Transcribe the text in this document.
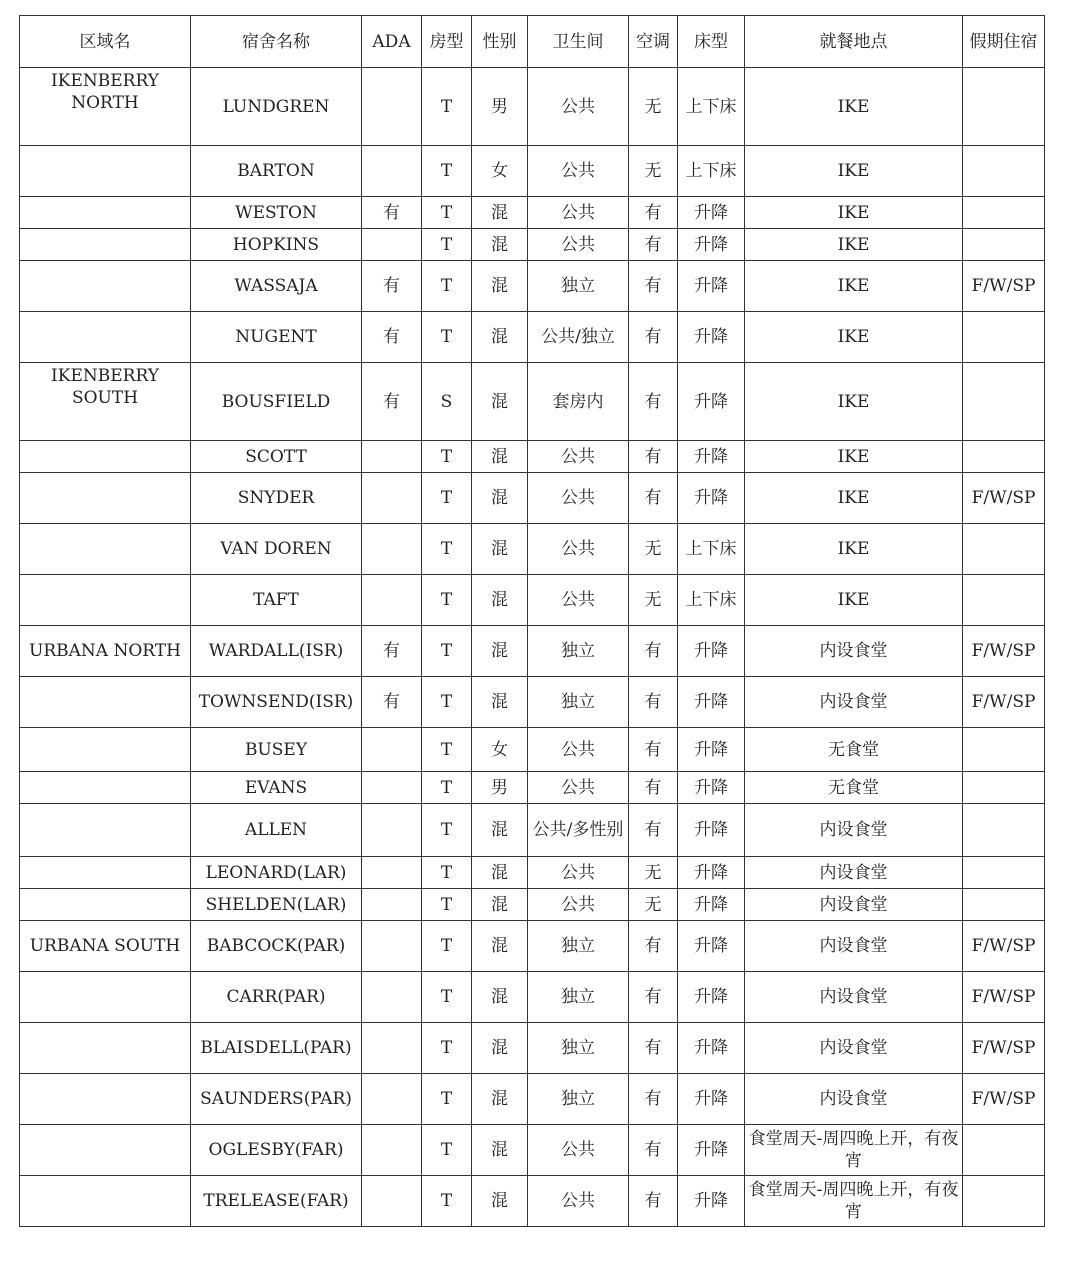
区域名	宿舍名称	ADA	房型	性别	卫生间	空调	床型	就餐地点	假期住宿
IKENBERRY NORTH	LUNDGREN		T	男	公共	无	上下床	IKE	
	BARTON		T	女	公共	无	上下床	IKE	
	WESTON	有	T	混	公共	有	升降	IKE	
	HOPKINS		T	混	公共	有	升降	IKE	
	WASSAJA	有	T	混	独立	有	升降	IKE	F/W/SP
	NUGENT	有	T	混	公共/独立	有	升降	IKE	
IKENBERRY SOUTH	BOUSFIELD	有	S	混	套房内	有	升降	IKE	
	SCOTT		T	混	公共	有	升降	IKE	
	SNYDER		T	混	公共	有	升降	IKE	F/W/SP
	VAN DOREN		T	混	公共	无	上下床	IKE	
	TAFT		T	混	公共	无	上下床	IKE	
URBANA NORTH	WARDALL(ISR)	有	T	混	独立	有	升降	内设食堂	F/W/SP
	TOWNSEND(ISR)	有	T	混	独立	有	升降	内设食堂	F/W/SP
	BUSEY		T	女	公共	有	升降	无食堂	
	EVANS		T	男	公共	有	升降	无食堂	
	ALLEN		T	混	公共/多性别	有	升降	内设食堂	
	LEONARD(LAR)		T	混	公共	无	升降	内设食堂	
	SHELDEN(LAR)		T	混	公共	无	升降	内设食堂	
URBANA SOUTH	BABCOCK(PAR)		T	混	独立	有	升降	内设食堂	F/W/SP
	CARR(PAR)		T	混	独立	有	升降	内设食堂	F/W/SP
	BLAISDELL(PAR)		T	混	独立	有	升降	内设食堂	F/W/SP
	SAUNDERS(PAR)		T	混	独立	有	升降	内设食堂	F/W/SP
	OGLESBY(FAR)		T	混	公共	有	升降	食堂周天-周四晚上开，有夜宵	
	TRELEASE(FAR)		T	混	公共	有	升降	食堂周天-周四晚上开，有夜宵	
